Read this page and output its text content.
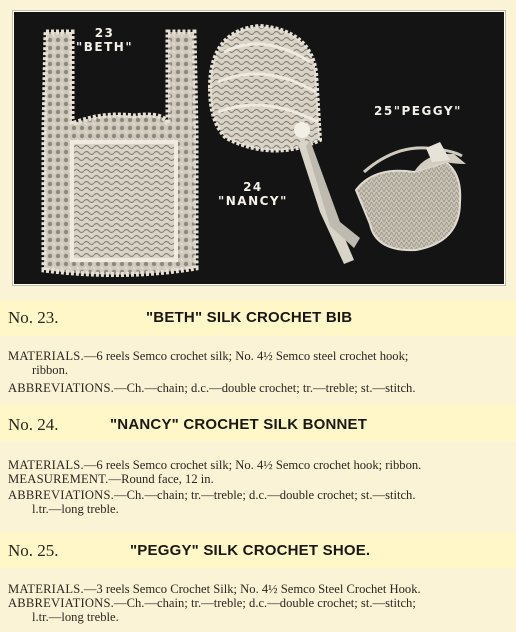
23
"BETH"
24
"NANCY"
25"PEGGY"
No. 23.	"BETH" SILK CROCHET BIB
MATERIALS.—6 reels Semco crochet silk; No. 4½ Semco steel crochet hook;
ribbon.
ABBREVIATIONS.—Ch.—chain; d.c.—double crochet; tr.—treble; st.—stitch.
No. 24.	"NANCY" CROCHET SILK BONNET
MATERIALS.—6 reels Semco crochet silk; No. 4½ Semco crochet hook; ribbon.
MEASUREMENT.—Round face, 12 in.
ABBREVIATIONS.—Ch.—chain; tr.—treble; d.c.—double crochet; st.—stitch.
l.tr.—long treble.
No. 25.	"PEGGY" SILK CROCHET SHOE.
MATERIALS.—3 reels Semco Crochet Silk; No. 4½ Semco Steel Crochet Hook.
ABBREVIATIONS.—Ch.—chain; tr.—treble; d.c.—double crochet; st.—stitch;
l.tr.—long treble.
